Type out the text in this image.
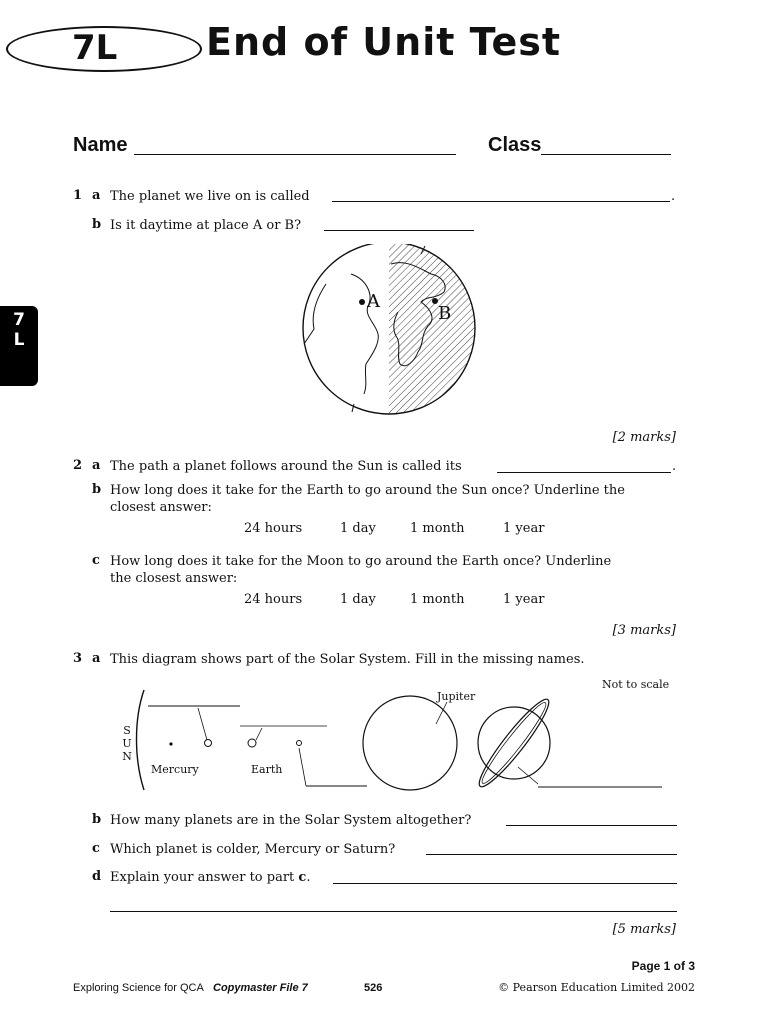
7L End of Unit Test
7
L
Name	Class
1 a The planet we live on is called	.
b Is it daytime at place A or B?
A
B
[2 marks]
2 a The path a planet follows around the Sun is called its	.
b How long does it take for the Earth to go around the Sun once? Underline the
closest answer:
24 hours	1 day	1 month	1 year
c How long does it take for the Moon to go around the Earth once? Underline
the closest answer:
24 hours	1 day	1 month	1 year
[3 marks]
3 a This diagram shows part of the Solar System. Fill in the missing names.
Not to scale
S
U
N
Mercury	Earth
Jupiter
b How many planets are in the Solar System altogether?
c Which planet is colder, Mercury or Saturn?
d Explain your answer to part c.
[5 marks]
Page 1 of 3
Exploring Science for QCA Copymaster File 7	526	© Pearson Education Limited 2002
